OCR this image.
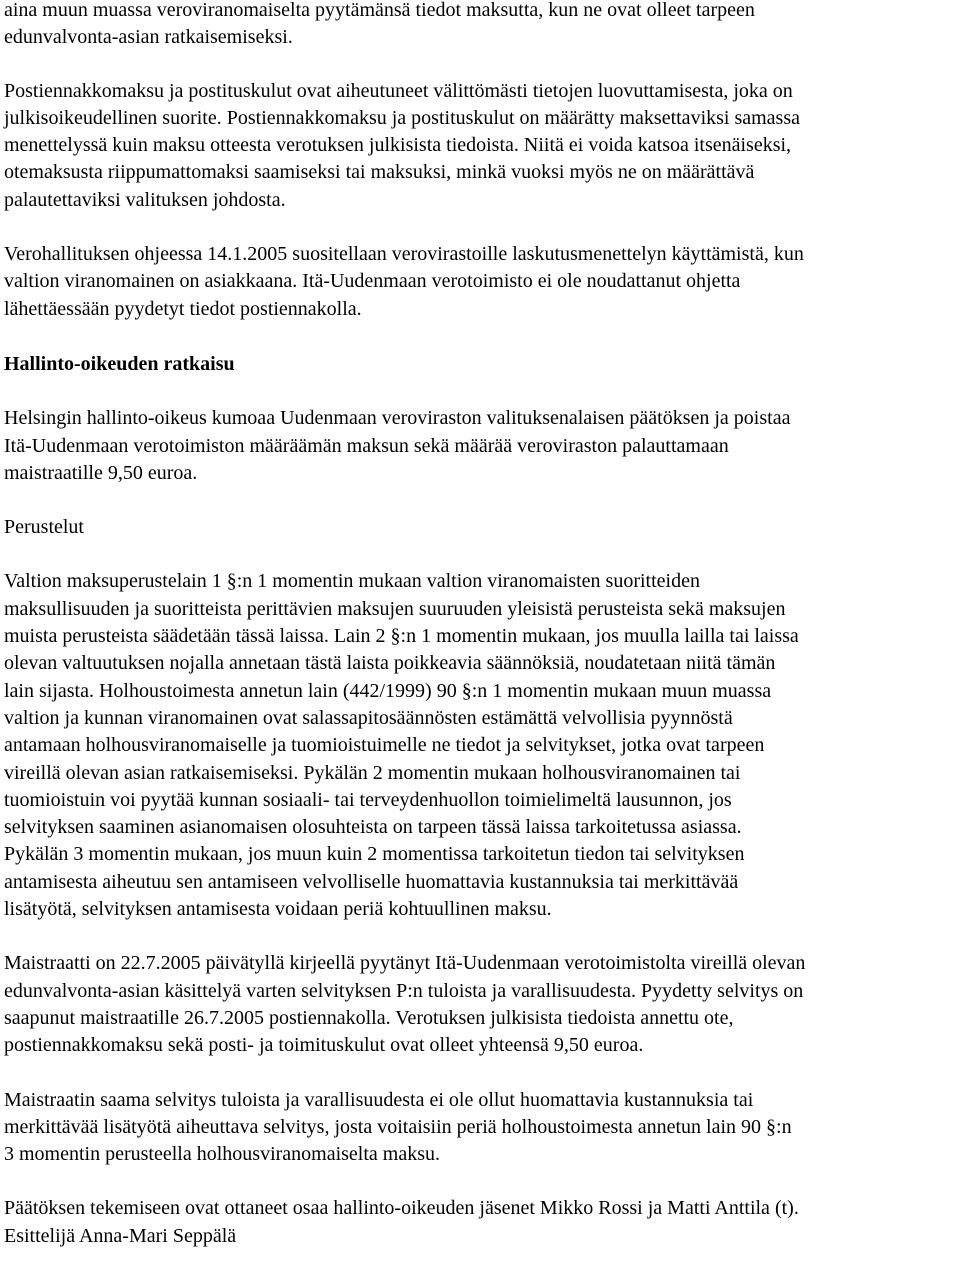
aina muun muassa veroviranomaiselta pyytämänsä tiedot maksutta, kun ne ovat olleet tarpeen
edunvalvonta-asian ratkaisemiseksi.
Postiennakkomaksu ja postituskulut ovat aiheutuneet välittömästi tietojen luovuttamisesta, joka on
julkisoikeudellinen suorite. Postiennakkomaksu ja postituskulut on määrätty maksettaviksi samassa
menettelyssä kuin maksu otteesta verotuksen julkisista tiedoista. Niitä ei voida katsoa itsenäiseksi,
otemaksusta riippumattomaksi saamiseksi tai maksuksi, minkä vuoksi myös ne on määrättävä
palautettaviksi valituksen johdosta.
Verohallituksen ohjeessa 14.1.2005 suositellaan verovirastoille laskutusmenettelyn käyttämistä, kun
valtion viranomainen on asiakkaana. Itä-Uudenmaan verotoimisto ei ole noudattanut ohjetta
lähettäessään pyydetyt tiedot postiennakolla.
Hallinto-oikeuden ratkaisu
Helsingin hallinto-oikeus kumoaa Uudenmaan veroviraston valituksenalaisen päätöksen ja poistaa
Itä-Uudenmaan verotoimiston määräämän maksun sekä määrää veroviraston palauttamaan
maistraatille 9,50 euroa.
Perustelut
Valtion maksuperustelain 1 §:n 1 momentin mukaan valtion viranomaisten suoritteiden
maksullisuuden ja suoritteista perittävien maksujen suuruuden yleisistä perusteista sekä maksujen
muista perusteista säädetään tässä laissa. Lain 2 §:n 1 momentin mukaan, jos muulla lailla tai laissa
olevan valtuutuksen nojalla annetaan tästä laista poikkeavia säännöksiä, noudatetaan niitä tämän
lain sijasta. Holhoustoimesta annetun lain (442/1999) 90 §:n 1 momentin mukaan muun muassa
valtion ja kunnan viranomainen ovat salassapitosäännösten estämättä velvollisia pyynnöstä
antamaan holhousviranomaiselle ja tuomioistuimelle ne tiedot ja selvitykset, jotka ovat tarpeen
vireillä olevan asian ratkaisemiseksi. Pykälän 2 momentin mukaan holhousviranomainen tai
tuomioistuin voi pyytää kunnan sosiaali- tai terveydenhuollon toimielimeltä lausunnon, jos
selvityksen saaminen asianomaisen olosuhteista on tarpeen tässä laissa tarkoitetussa asiassa.
Pykälän 3 momentin mukaan, jos muun kuin 2 momentissa tarkoitetun tiedon tai selvityksen
antamisesta aiheutuu sen antamiseen velvolliselle huomattavia kustannuksia tai merkittävää
lisätyötä, selvityksen antamisesta voidaan periä kohtuullinen maksu.
Maistraatti on 22.7.2005 päivätyllä kirjeellä pyytänyt Itä-Uudenmaan verotoimistolta vireillä olevan
edunvalvonta-asian käsittelyä varten selvityksen P:n tuloista ja varallisuudesta. Pyydetty selvitys on
saapunut maistraatille 26.7.2005 postiennakolla. Verotuksen julkisista tiedoista annettu ote,
postiennakkomaksu sekä posti- ja toimituskulut ovat olleet yhteensä 9,50 euroa.
Maistraatin saama selvitys tuloista ja varallisuudesta ei ole ollut huomattavia kustannuksia tai
merkittävää lisätyötä aiheuttava selvitys, josta voitaisiin periä holhoustoimesta annetun lain 90 §:n
3 momentin perusteella holhousviranomaiselta maksu.
Päätöksen tekemiseen ovat ottaneet osaa hallinto-oikeuden jäsenet Mikko Rossi ja Matti Anttila (t).
Esittelijä Anna-Mari Seppälä
